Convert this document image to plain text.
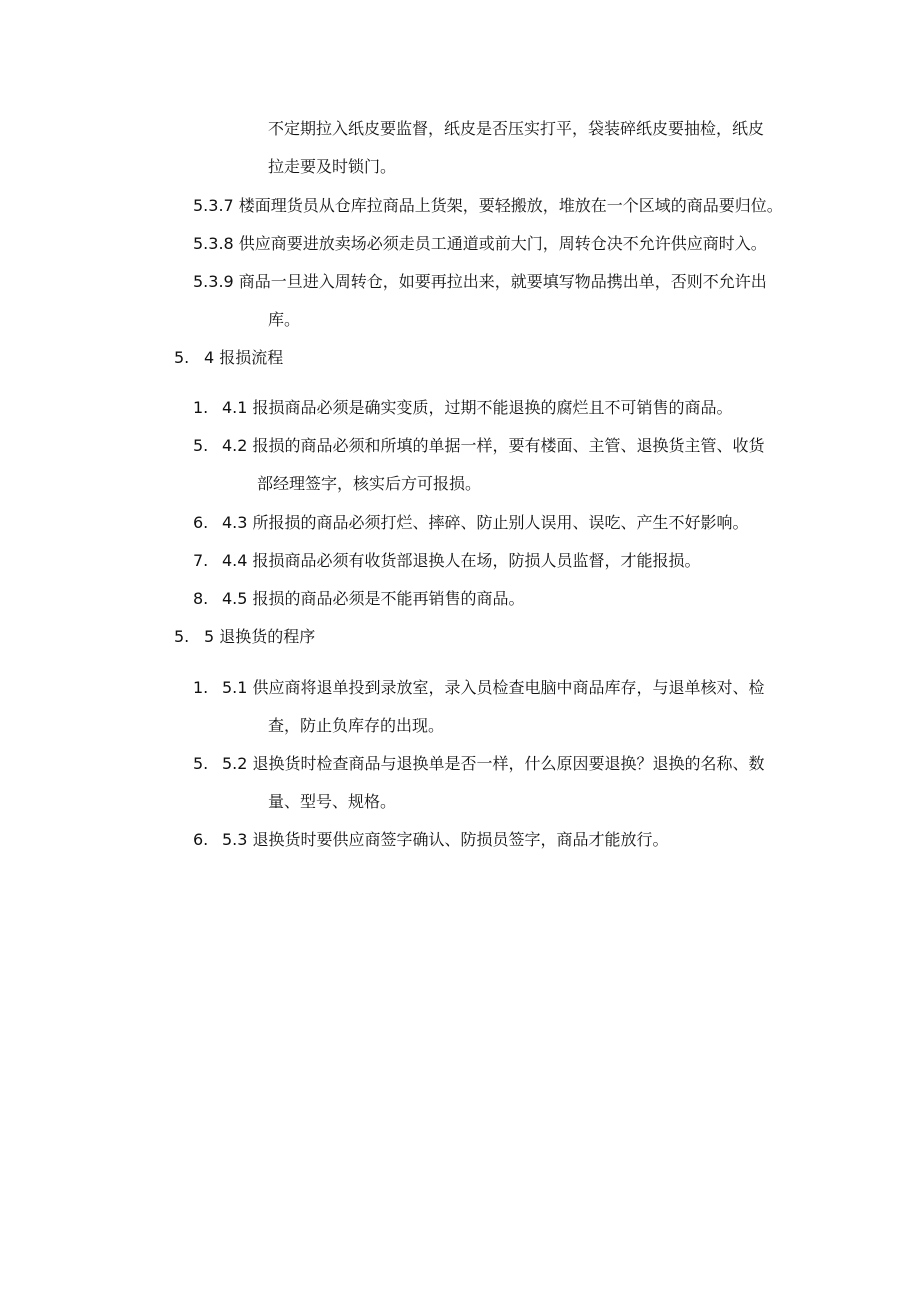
不定期拉入纸皮要监督，纸皮是否压实打平，袋装碎纸皮要抽检，纸皮
拉走要及时锁门。
5.3.7 楼面理货员从仓库拉商品上货架，要轻搬放，堆放在一个区域的商品要归位。
5.3.8 供应商要进放卖场必须走员工通道或前大门，周转仓决不允许供应商时入。
5.3.9 商品一旦进入周转仓，如要再拉出来，就要填写物品携出单，否则不允许出
库。
5. 4 报损流程
1. 4.1 报损商品必须是确实变质，过期不能退换的腐烂且不可销售的商品。
5. 4.2 报损的商品必须和所填的单据一样，要有楼面、主管、退换货主管、收货
部经理签字，核实后方可报损。
6. 4.3 所报损的商品必须打烂、摔碎、防止别人误用、误吃、产生不好影响。
7. 4.4 报损商品必须有收货部退换人在场，防损人员监督，才能报损。
8. 4.5 报损的商品必须是不能再销售的商品。
5. 5 退换货的程序
1. 5.1 供应商将退单投到录放室，录入员检查电脑中商品库存，与退单核对、检
查，防止负库存的出现。
5. 5.2 退换货时检查商品与退换单是否一样，什么原因要退换？退换的名称、数
量、型号、规格。
6. 5.3 退换货时要供应商签字确认、防损员签字，商品才能放行。
